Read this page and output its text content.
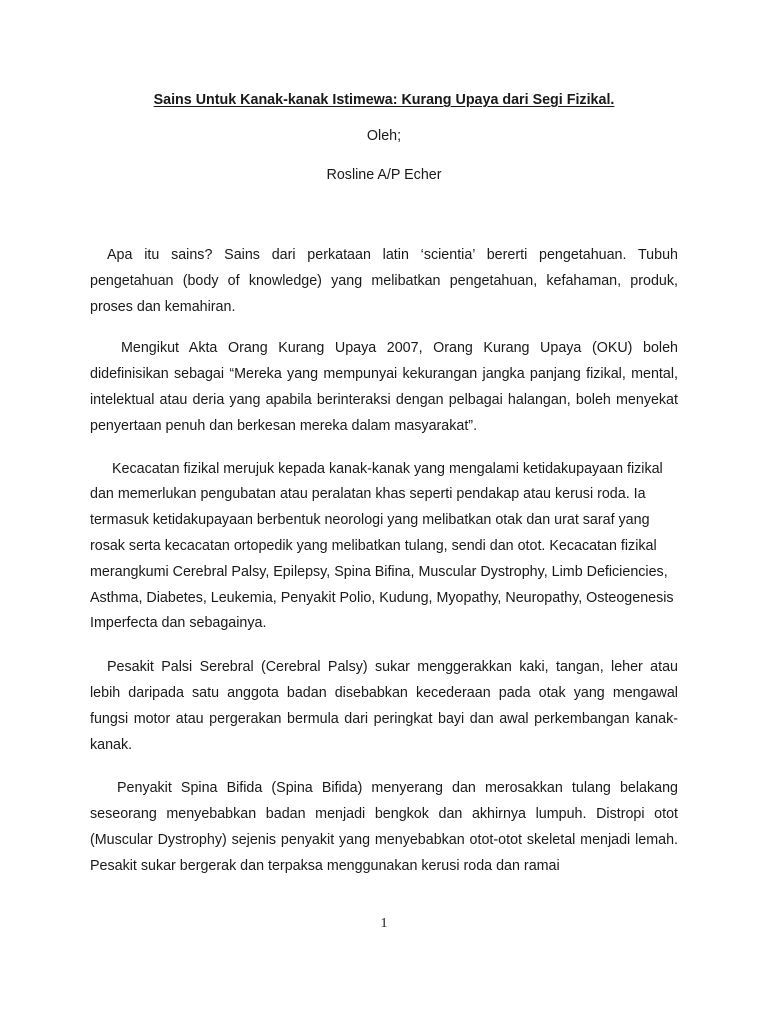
Sains Untuk Kanak-kanak Istimewa: Kurang Upaya dari Segi Fizikal.

Oleh;

Rosline A/P Echer

Apa itu sains? Sains dari perkataan latin ‘scientia’ bererti pengetahuan. Tubuh pengetahuan (body of knowledge) yang melibatkan pengetahuan, kefahaman, produk, proses dan kemahiran.

Mengikut Akta Orang Kurang Upaya 2007, Orang Kurang Upaya (OKU) boleh didefinisikan sebagai “Mereka yang mempunyai kekurangan jangka panjang fizikal, mental, intelektual atau deria yang apabila berinteraksi dengan pelbagai halangan, boleh menyekat penyertaan penuh dan berkesan mereka dalam masyarakat”.

Kecacatan fizikal merujuk kepada kanak-kanak yang mengalami ketidakupayaan fizikal dan memerlukan pengubatan atau peralatan khas seperti pendakap atau kerusi roda. Ia termasuk ketidakupayaan berbentuk neorologi yang melibatkan otak dan urat saraf yang rosak serta kecacatan ortopedik yang melibatkan tulang, sendi dan otot. Kecacatan fizikal merangkumi Cerebral Palsy, Epilepsy, Spina Bifina, Muscular Dystrophy, Limb Deficiencies, Asthma, Diabetes, Leukemia, Penyakit Polio, Kudung, Myopathy, Neuropathy, Osteogenesis Imperfecta dan sebagainya.

Pesakit Palsi Serebral (Cerebral Palsy) sukar menggerakkan kaki, tangan, leher atau lebih daripada satu anggota badan disebabkan kecederaan pada otak yang mengawal fungsi motor atau pergerakan bermula dari peringkat bayi dan awal perkembangan kanak-kanak.

Penyakit Spina Bifida (Spina Bifida) menyerang dan merosakkan tulang belakang seseorang menyebabkan badan menjadi bengkok dan akhirnya lumpuh. Distropi otot (Muscular Dystrophy) sejenis penyakit yang menyebabkan otot-otot skeletal menjadi lemah. Pesakit sukar bergerak dan terpaksa menggunakan kerusi roda dan ramai

1
